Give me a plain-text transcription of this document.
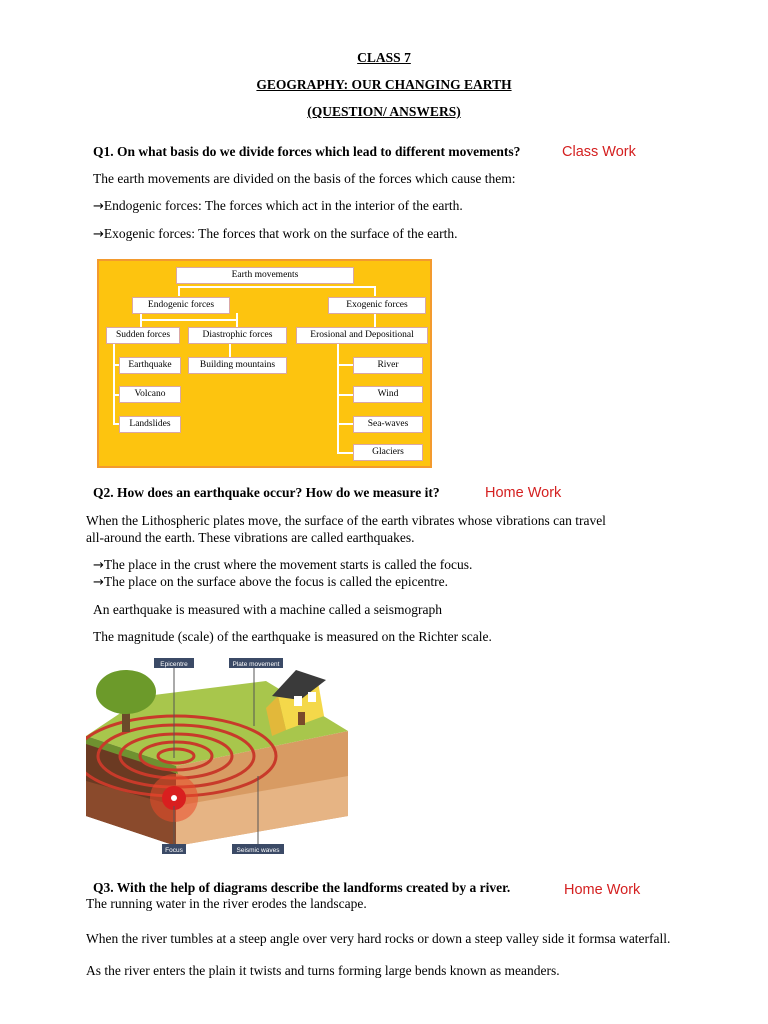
CLASS 7
GEOGRAPHY: OUR CHANGING EARTH
(QUESTION/ ANSWERS)
Q1. On what basis do we divide forces which lead to different movements?	Class Work
The earth movements are divided on the basis of the forces which cause them:
→Endogenic forces: The forces which act in the interior of the earth.
→Exogenic forces: The forces that work on the surface of the earth.
Earth movements
Endogenic forces	Exogenic forces
Sudden forces	Diastrophic forces	Erosional and Depositional
Earthquake
Volcano
Landslides
Building mountains	River
Wind
Sea-waves
Glaciers
Q2. How does an earthquake occur? How do we measure it?	Home Work
When the Lithospheric plates move, the surface of the earth vibrates whose vibrations can travel
all-around the earth. These vibrations are called earthquakes.
→The place in the crust where the movement starts is called the focus.
→The place on the surface above the focus is called the epicentre.
An earthquake is measured with a machine called a seismograph
The magnitude (scale) of the earthquake is measured on the Richter scale.
Epicentre	Plate movement
Focus	Seismic waves
Q3. With the help of diagrams describe the landforms created by a river.	Home Work
The running water in the river erodes the landscape.
When the river tumbles at a steep angle over very hard rocks or down a steep valley side it formsa waterfall.
As the river enters the plain it twists and turns forming large bends known as meanders.
